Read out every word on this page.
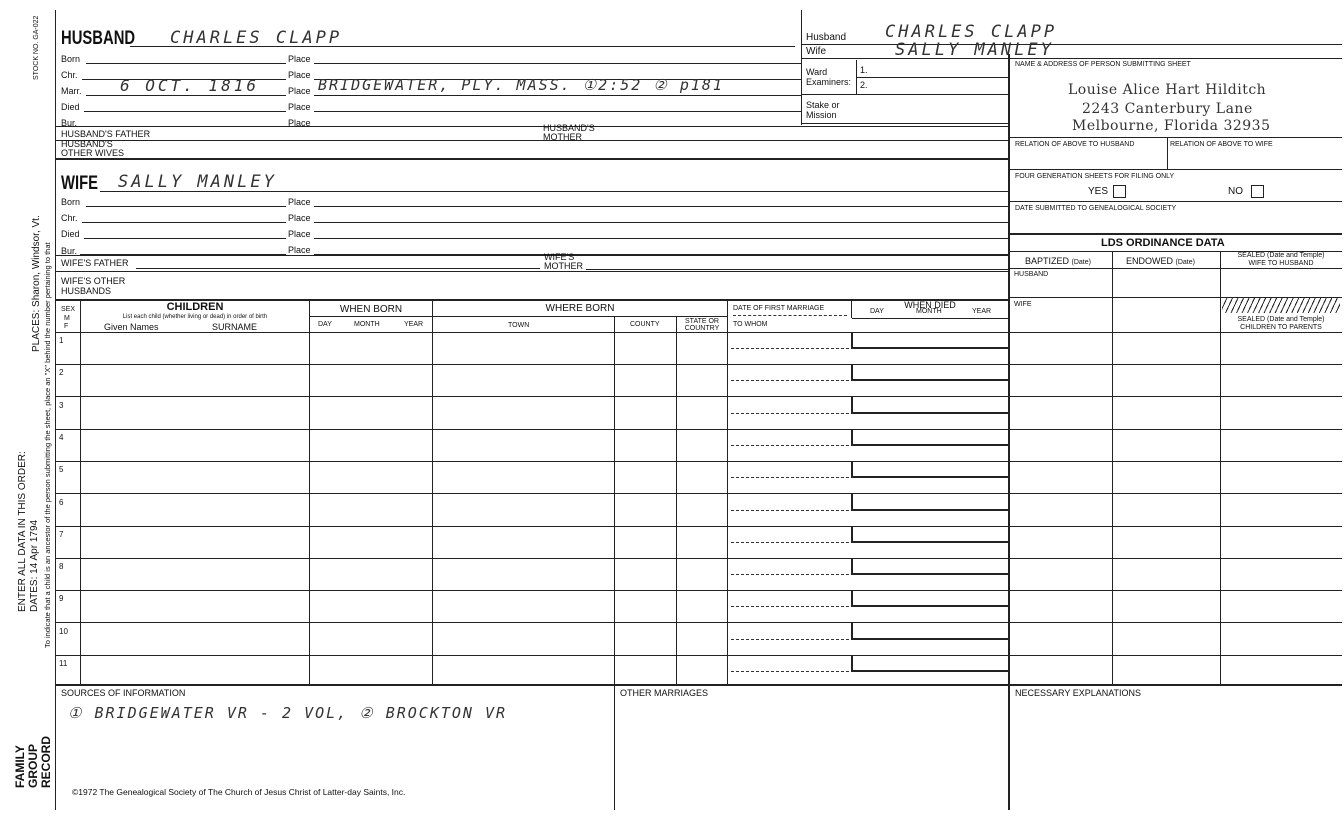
STOCK NO. GA-022
PLACES: Sharon, Windsor, Vt. To indicate that a child is an ancestor of the person submitting the sheet, place an "X" behind the number pertaining to that
ENTER ALL DATA IN THIS ORDER: DATES: 14 Apr 1794
FAMILY GROUP RECORD
HUSBAND CHARLES CLAPP
Born	Place
Chr.	Place
Marr. 6 OCT. 1816	Place BRIDGEWATER, PLY. MASS. ①2:52 ② p181
Died	Place
Bur.	Place
HUSBAND'S FATHER
HUSBAND'S
MOTHER
HUSBAND'S
OTHER WIVES
Husband CHARLES CLAPP
Wife	SALLY MANLEY
Ward
Examiners:
1.
2.
Stake or
Mission
NAME & ADDRESS OF PERSON SUBMITTING SHEET
Louise Alice Hart Hilditch
2243 Canterbury Lane
Melbourne, Florida 32935
RELATION OF ABOVE TO HUSBAND	RELATION OF ABOVE TO WIFE
FOUR GENERATION SHEETS FOR FILING ONLY
YES	NO
DATE SUBMITTED TO GENEALOGICAL SOCIETY
LDS ORDINANCE DATA
BAPTIZED (Date)	ENDOWED (Date)
SEALED (Date and Temple)
WIFE TO HUSBAND
HUSBAND
WIFE
SEALED (Date and Temple)
CHILDREN TO PARENTS
WIFE SALLY MANLEY
Born	Place
Chr.	Place
Died	Place
Bur.	Place
WIFE'S FATHER
WIFE'S
MOTHER
WIFE'S OTHER
HUSBANDS
SEX
M
F
CHILDREN
List each child (whether living or dead) in order of birth
Given Names	SURNAME
WHEN BORN
DAY	MONTH	YEAR
WHERE BORN
TOWN	COUNTY	STATE OR
COUNTRY
DATE OF FIRST MARRIAGE
TO WHOM
WHEN DIED
DAY	MONTH	YEAR
1
2
3
4
5
6
7
8
9
10
11
SOURCES OF INFORMATION
① BRIDGEWATER VR - 2 VOL, ② BROCKTON VR
OTHER MARRIAGES	NECESSARY EXPLANATIONS
©1972 The Genealogical Society of The Church of Jesus Christ of Latter-day Saints, Inc.
